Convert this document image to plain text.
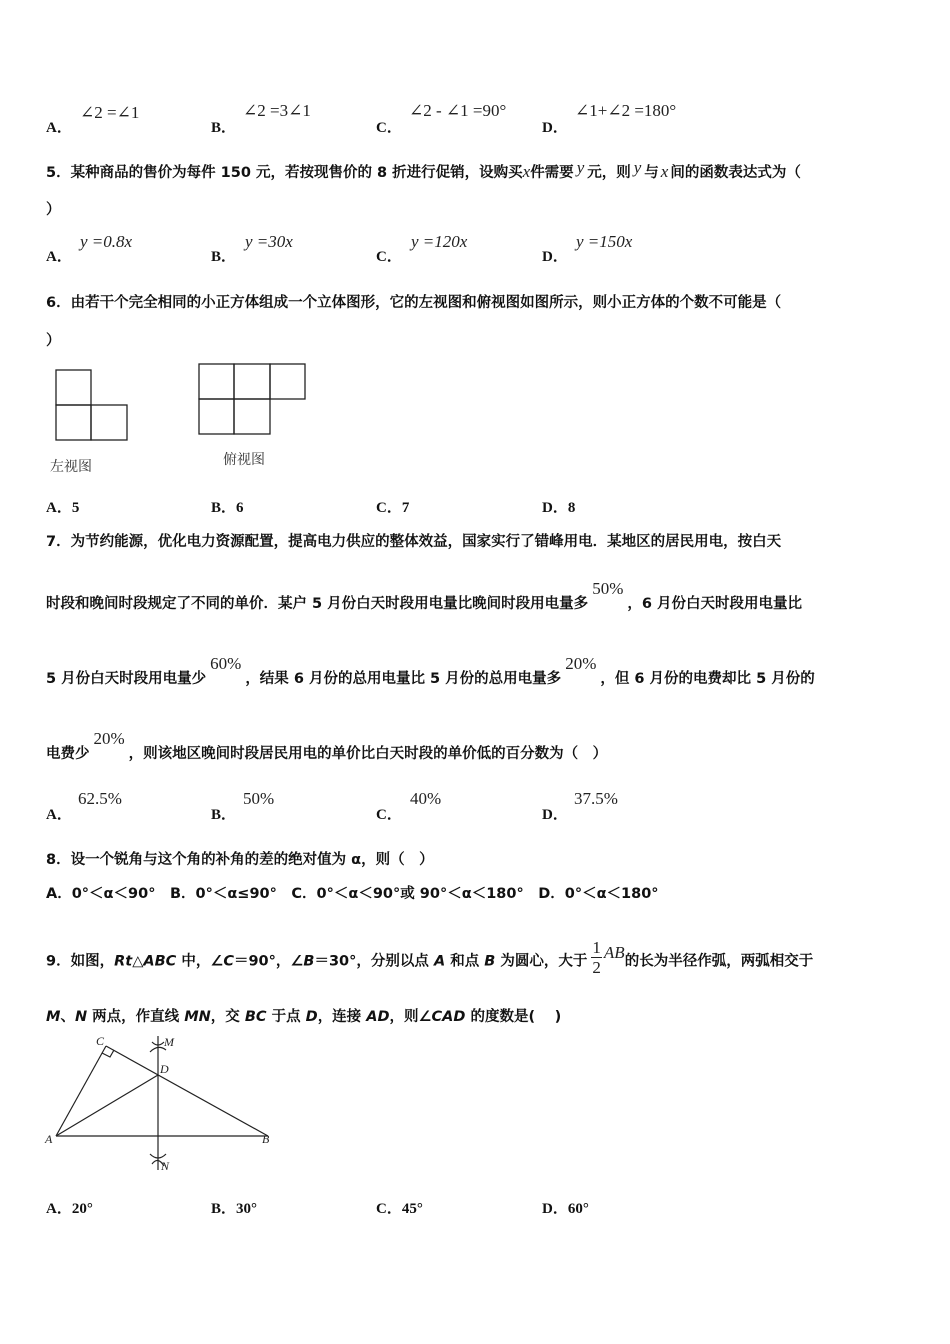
A．
∠2 =∠1
B．
∠2 =3∠1
C．
∠2 - ∠1 =90°
D．
∠1+∠2 =180°
5．某种商品的售价为每件 150 元，若按现售价的 8 折进行促销，设购买x件需要 y 元，则 y 与 x 间的函数表达式为（
）
A．
y =0.8x
B．
y =30x
C．
y =120x
D．
y =150x
6．由若干个完全相同的小正方体组成一个立体图形，它的左视图和俯视图如图所示，则小正方体的个数不可能是（
）
左视图	俯视图
A．5	B．6	C．7	D．8
7．为节约能源，优化电力资源配置，提高电力供应的整体效益，国家实行了错峰用电．某地区的居民用电，按白天
时段和晚间时段规定了不同的单价．某户 5 月份白天时段用电量比晚间时段用电量多50%，6 月份白天时段用电量比
5 月份白天时段用电量少60%，结果 6 月份的总用电量比 5 月份的总用电量多20%，但 6 月份的电费却比 5 月份的
电费少20%，则该地区晚间时段居民用电的单价比白天时段的单价低的百分数为（　）
A．
62.5%
B．
50%
C．
40%
D．
37.5%
8．设一个锐角与这个角的补角的差的绝对值为 α，则（　）
A．0°＜α＜90°　B．0°＜α≤90°　C．0°＜α＜90°或 90°＜α＜180°　D．0°＜α＜180°
9．如图，Rt△ABC 中，∠C＝90°，∠B＝30°，分别以点 A 和点 B 为圆心，大于 $\frac{1}{2}$ AB的长为半径作弧，两弧相交于
M、N 两点，作直线 MN，交 BC 于点 D，连接 AD，则∠CAD 的度数是(　 )
A	B
C
D
M
N
A．20°	B．30°	C．45°	D．60°
